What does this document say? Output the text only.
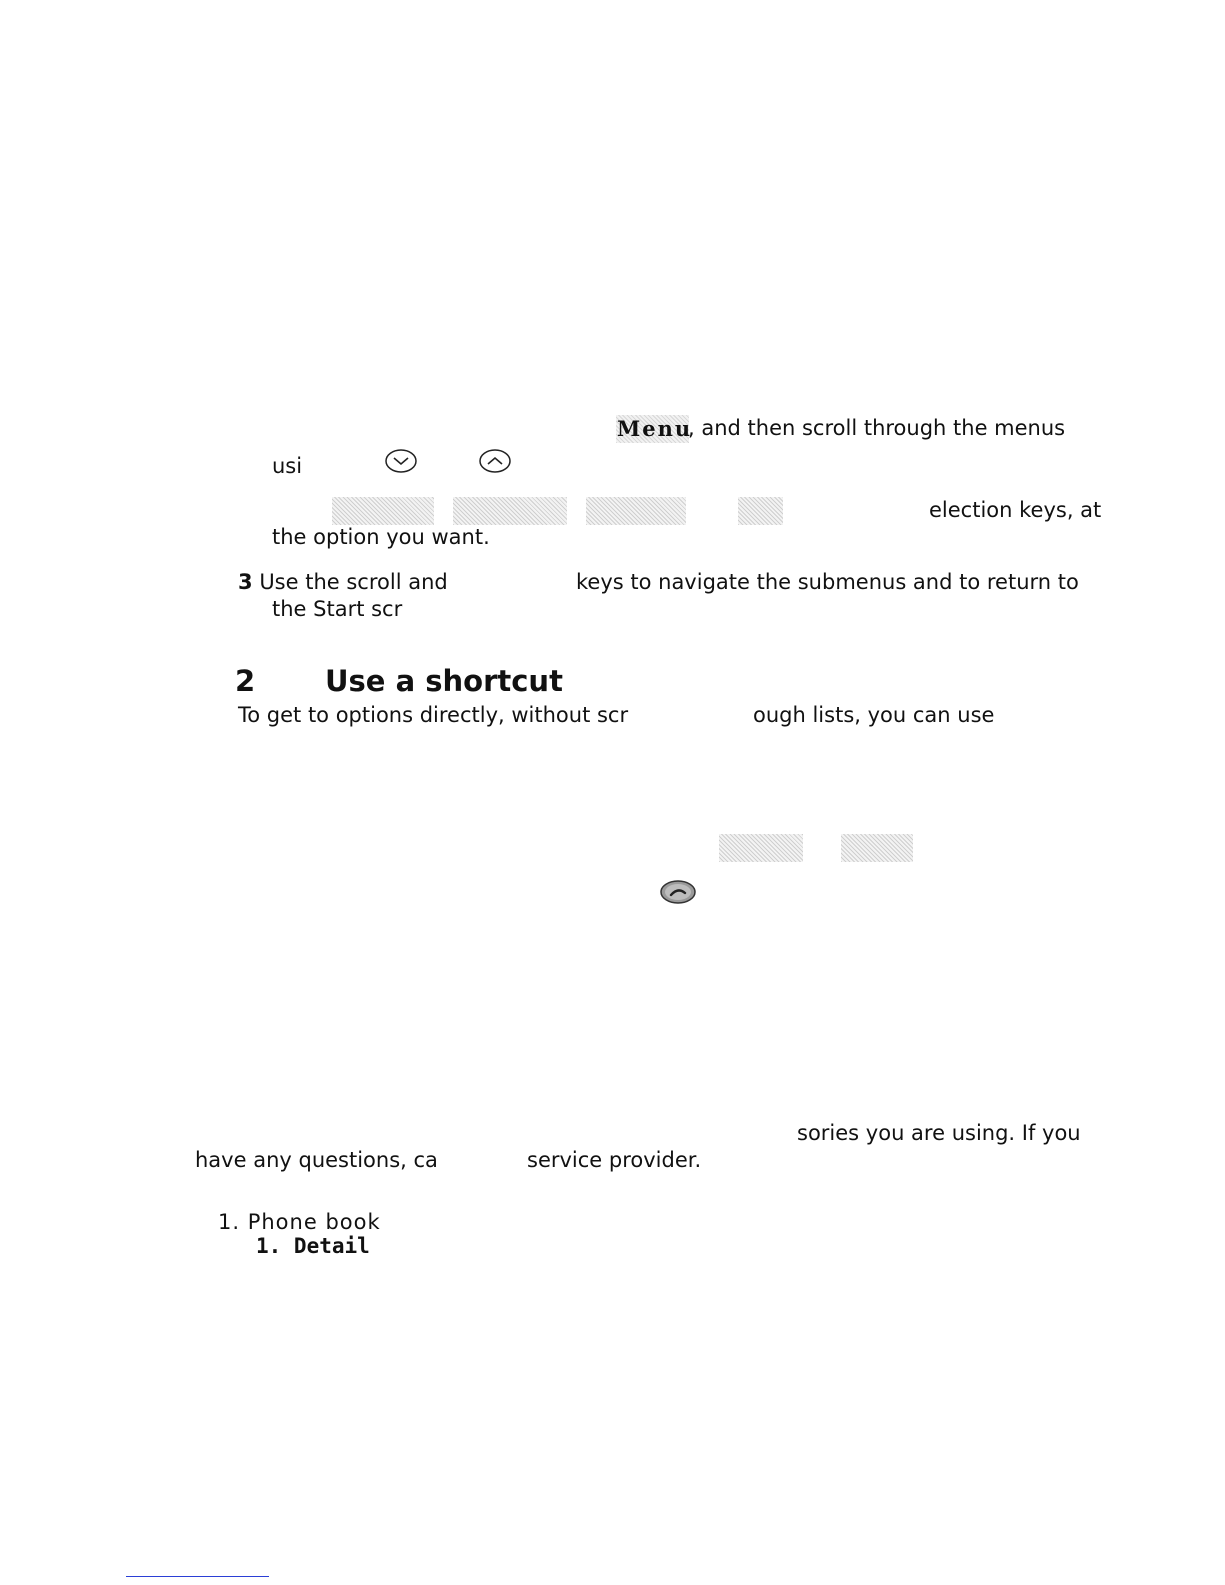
Menu
, and then scroll through the menus
usi
election keys, at
the option you want.
3 Use the scroll and	keys to navigate the submenus and to return to
the Start scr
2 Use a shortcut
To get to options directly, without scr	ough lists, you can use
sories you are using. If you
have any questions, ca	service provider.
1. Phone book
1. Detail
